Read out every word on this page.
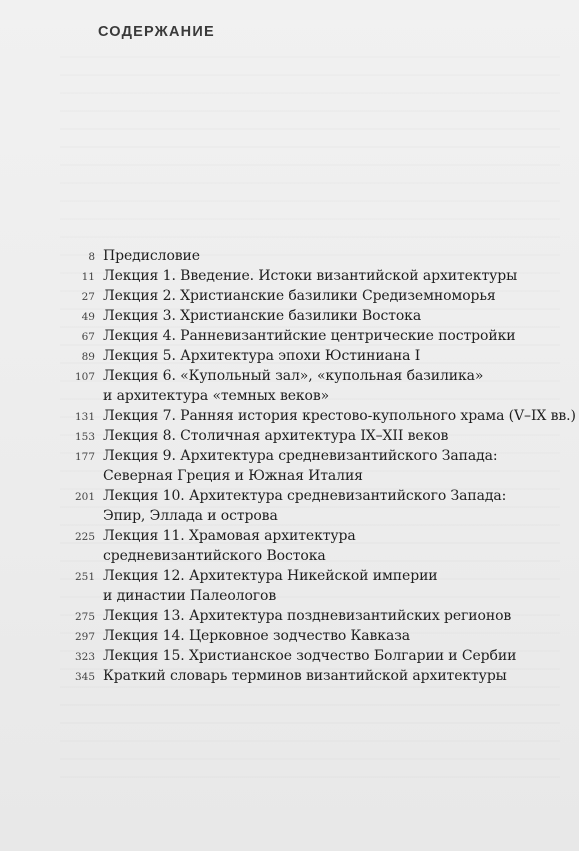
СОДЕРЖАНИЕ
8 Предисловие
11 Лекция 1. Введение. Истоки византийской архитектуры
27 Лекция 2. Христианские базилики Средиземноморья
49 Лекция 3. Христианские базилики Востока
67 Лекция 4. Ранневизантийские центрические постройки
89 Лекция 5. Архитектура эпохи Юстиниана I
107 Лекция 6. «Купольный зал», «купольная базилика»
и архитектура «темных веков»
131 Лекция 7. Ранняя история крестово-купольного храма (V–IX вв.)
153 Лекция 8. Столичная архитектура IX–XII веков
177 Лекция 9. Архитектура средневизантийского Запада:
Северная Греция и Южная Италия
201 Лекция 10. Архитектура средневизантийского Запада:
Эпир, Эллада и острова
225 Лекция 11. Храмовая архитектура
средневизантийского Востока
251 Лекция 12. Архитектура Никейской империи
и династии Палеологов
275 Лекция 13. Архитектура поздневизантийских регионов
297 Лекция 14. Церковное зодчество Кавказа
323 Лекция 15. Христианское зодчество Болгарии и Сербии
345 Краткий словарь терминов византийской архитектуры
